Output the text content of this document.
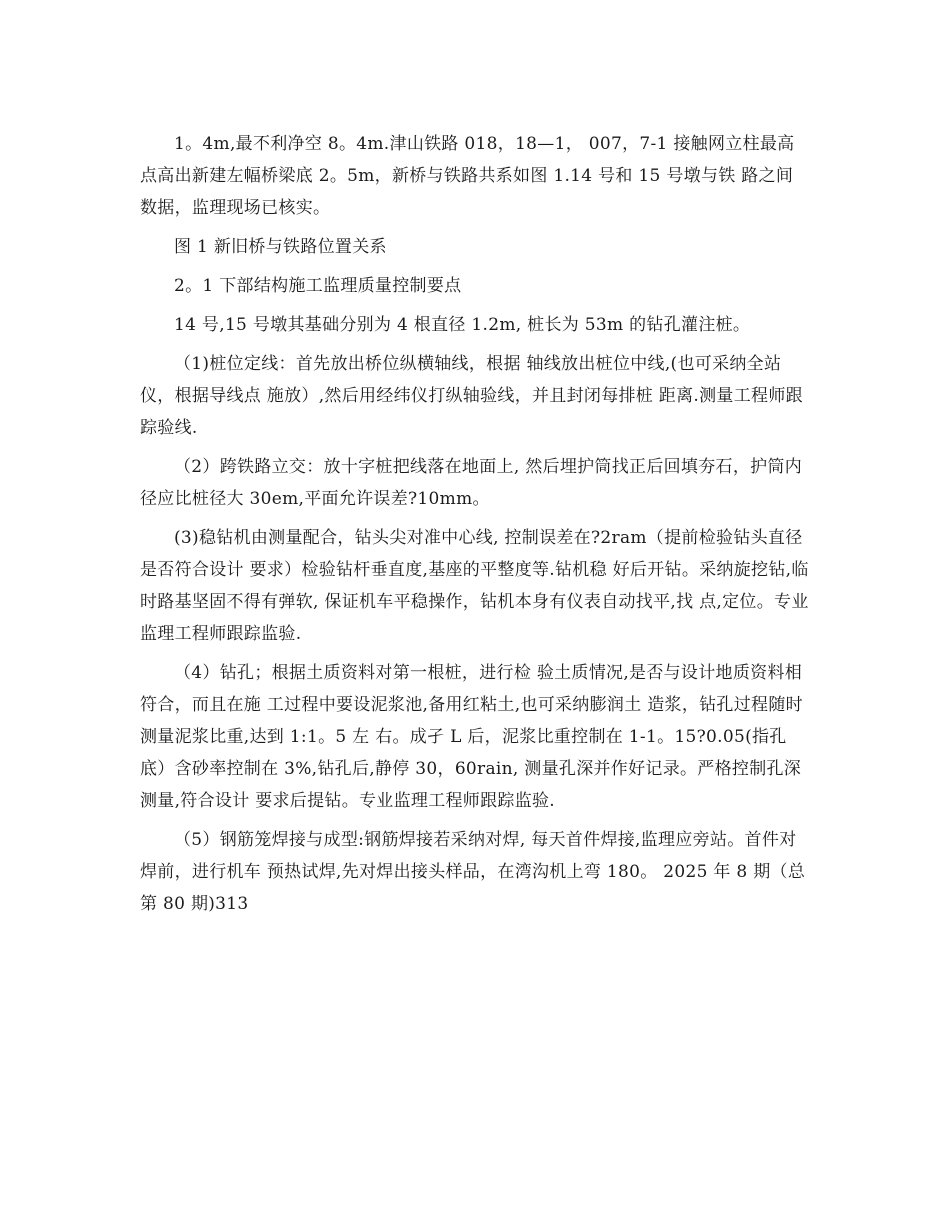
1。4m,最不利净空 8。4m.津山铁路 018，18—1， 007，7-1 接触网立柱最高点高出新建左幅桥梁底 2。5m，新桥与铁路共系如图 1.14 号和 15 号墩与铁 路之间数据，监理现场已核实。

图 1 新旧桥与铁路位置关系

2。1 下部结构施工监理质量控制要点

14 号,15 号墩其基础分别为 4 根直径 1.2m, 桩长为 53m 的钻孔灌注桩。

（1)桩位定线：首先放出桥位纵横轴线，根据 轴线放出桩位中线,(也可采纳全站仪，根据导线点 施放）,然后用经纬仪打纵轴验线，并且封闭每排桩 距离.测量工程师跟踪验线.

（2）跨铁路立交：放十字桩把线落在地面上, 然后埋护筒找正后回填夯石，护筒内径应比桩径大 30em,平面允许误差?10mm。

(3)稳钻机由测量配合，钻头尖对准中心线, 控制误差在?2ram（提前检验钻头直径是否符合设计 要求）检验钻杆垂直度,基座的平整度等.钻机稳 好后开钻。采纳旋挖钻,临时路基坚固不得有弹软, 保证机车平稳操作，钻机本身有仪表自动找平,找 点,定位。专业监理工程师跟踪监验.

（4）钻孔；根据土质资料对第一根桩，进行检 验土质情况,是否与设计地质资料相符合，而且在施 工过程中要设泥浆池,备用红粘土,也可采纳膨润土 造浆，钻孔过程随时测量泥浆比重,达到 1:1。5 左 右。成孑 L 后，泥浆比重控制在 1-1。15?0.05(指孔 底）含砂率控制在 3%,钻孔后,静停 30，60rain, 测量孔深并作好记录。严格控制孔深测量,符合设计 要求后提钻。专业监理工程师跟踪监验.

（5）钢筋笼焊接与成型:钢筋焊接若采纳对焊, 每天首件焊接,监理应旁站。首件对焊前，进行机车 预热试焊,先对焊出接头样品，在湾沟机上弯 180。 2025 年 8 期（总第 80 期)313
